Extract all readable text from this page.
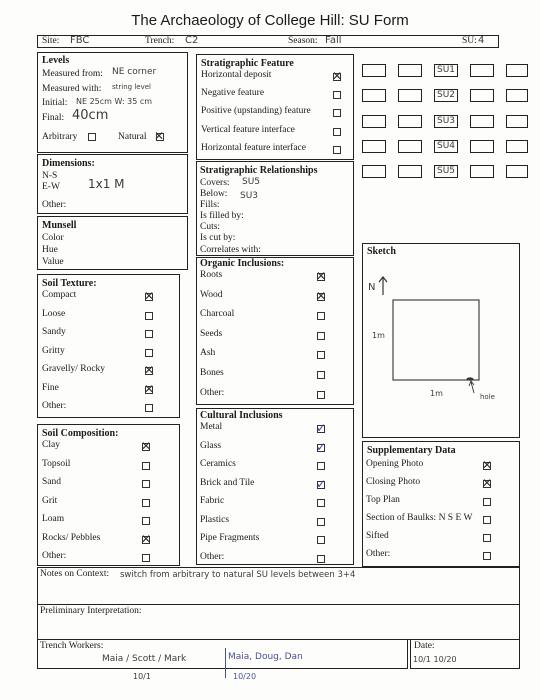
The Archaeology of College Hill: SU Form
Site: FBC	Trench: C2	Season: Fall	SU: 4
Levels
Measured from: NE corner
Measured with: string level
Initial: NE 25cm W: 35 cm
Final: 40cm
Arbitrary	Natural ✕
Dimensions:
N-S
E-W 1x1 M
Other:
Munsell
Color
Hue
Value
Soil Texture:
Compact	✕
Loose
Sandy
Gritty
Gravelly/ Rocky	✕
Fine	✕
Other:
Soil Composition:
Clay	✕
Topsoil
Sand
Grit
Loam
Rocks/ Pebbles	✕
Other:
Stratigraphic Feature
Horizontal deposit	✕
Negative feature
Positive (upstanding) feature
Vertical feature interface
Horizontal feature interface
Stratigraphic Relationships
Covers: SU5
Below: SU3
Fills:
Is filled by:
Cuts:
Is cut by:
Correlates with:
Organic Inclusions:
Roots	✕
Wood	✕
Charcoal
Seeds
Ash
Bones
Other:
Cultural Inclusions
Metal	✓
Glass	✓
Ceramics
Brick and Tile	✓
Fabric
Plastics
Pipe Fragments
Other:
SU1
SU2
SU3
SU4
SU5
Sketch
N
1m
1m	hole
Supplementary Data
Opening Photo	✕
Closing Photo	✕
Top Plan
Section of Baulks: N S E W
Sifted
Other:
Notes on Context: switch from arbitrary to natural SU levels between 3+4
Preliminary Interpretation:
Trench Workers:
Maia / Scott / Mark	Maia, Doug, Dan
10/1	10/20
Date:
10/1 10/20
